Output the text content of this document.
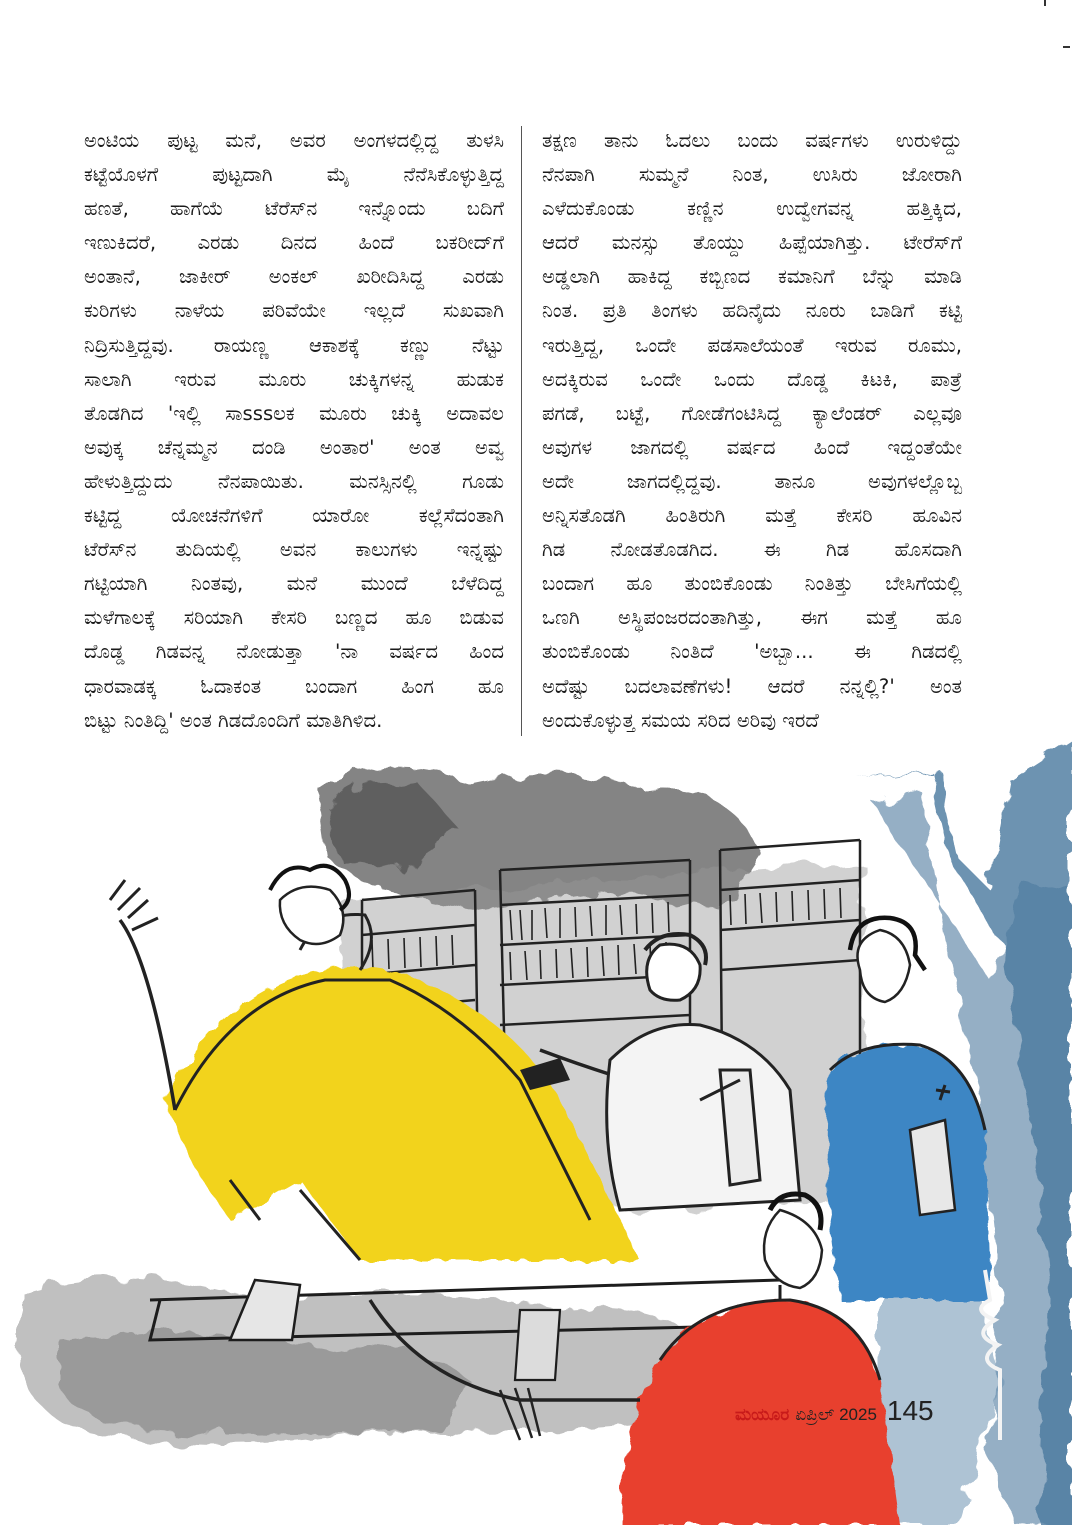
ಅಂಟಿಯ ಪುಟ್ಟ ಮನೆ, ಅವರ ಅಂಗಳದಲ್ಲಿದ್ದ ತುಳಸಿ

ಕಟ್ಟೆಯೊಳಗೆ ಪುಟ್ಟದಾಗಿ ಮೈ ನೆನೆಸಿಕೊಳ್ಳುತ್ತಿದ್ದ

ಹಣತೆ, ಹಾಗೆಯೆ ಟೆರೆಸ್‌ನ ಇನ್ನೊಂದು ಬದಿಗೆ

ಇಣುಕಿದರೆ, ಎರಡು ದಿನದ ಹಿಂದೆ ಬಕರೀದ್‌ಗೆ

ಅಂತಾನೆ, ಜಾಕೀರ್ ಅಂಕಲ್ ಖರೀದಿಸಿದ್ದ ಎರಡು

ಕುರಿಗಳು ನಾಳೆಯ ಪರಿವೆಯೇ ಇಲ್ಲದೆ ಸುಖವಾಗಿ

ನಿದ್ರಿಸುತ್ತಿದ್ದವು. ರಾಯಣ್ಣ ಆಕಾಶಕ್ಕೆ ಕಣ್ಣು ನೆಟ್ಟು

ಸಾಲಾಗಿ ಇರುವ ಮೂರು ಚುಕ್ಕಿಗಳನ್ನ ಹುಡುಕ

ತೊಡಗಿದ 'ಇಲ್ಲಿ ಸಾsssಲಕ ಮೂರು ಚುಕ್ಕಿ ಅದಾವಲ

ಅವುಕ್ಕ ಚೆನ್ನಮ್ಮನ ದಂಡಿ ಅಂತಾರ' ಅಂತ ಅವ್ವ

ಹೇಳುತ್ತಿದ್ದುದು ನೆನಪಾಯಿತು. ಮನಸ್ಸಿನಲ್ಲಿ ಗೂಡು

ಕಟ್ಟಿದ್ದ ಯೋಚನೆಗಳಿಗೆ ಯಾರೋ ಕಲ್ಲೆಸೆದಂತಾಗಿ

ಟೆರೆಸ್‌ನ ತುದಿಯಲ್ಲಿ ಅವನ ಕಾಲುಗಳು ಇನ್ನಷ್ಟು

ಗಟ್ಟಿಯಾಗಿ ನಿಂತವು, ಮನೆ ಮುಂದೆ ಬೆಳೆದಿದ್ದ

ಮಳೆಗಾಲಕ್ಕೆ ಸರಿಯಾಗಿ ಕೇಸರಿ ಬಣ್ಣದ ಹೂ ಬಿಡುವ

ದೊಡ್ಡ ಗಿಡವನ್ನ ನೋಡುತ್ತಾ 'ನಾ ವರ್ಷದ ಹಿಂದ

ಧಾರವಾಡಕ್ಕ ಓದಾಕಂತ ಬಂದಾಗ ಹಿಂಗ ಹೂ

ಬಿಟ್ಟು ನಿಂತಿದ್ದಿ' ಅಂತ ಗಿಡದೊಂದಿಗೆ ಮಾತಿಗಿಳಿದ.

ತಕ್ಷಣ ತಾನು ಓದಲು ಬಂದು ವರ್ಷಗಳು ಉರುಳಿದ್ದು

ನೆನಪಾಗಿ ಸುಮ್ಮನೆ ನಿಂತ, ಉಸಿರು ಜೋರಾಗಿ

ಎಳೆದುಕೊಂಡು ಕಣ್ಣಿನ ಉದ್ವೇಗವನ್ನ ಹತ್ತಿಕ್ಕಿದ,

ಆದರೆ ಮನಸ್ಸು ತೊಯ್ದು ಹಿಪ್ಪೆಯಾಗಿತ್ತು. ಟೇರೆಸ್‌ಗೆ

ಅಡ್ಡಲಾಗಿ ಹಾಕಿದ್ದ ಕಬ್ಬಿಣದ ಕಮಾನಿಗೆ ಬೆನ್ನು ಮಾಡಿ

ನಿಂತ. ಪ್ರತಿ ತಿಂಗಳು ಹದಿನೈದು ನೂರು ಬಾಡಿಗೆ ಕಟ್ಟಿ

ಇರುತ್ತಿದ್ದ, ಒಂದೇ ಪಡಸಾಲೆಯಂತೆ ಇರುವ ರೂಮು,

ಅದಕ್ಕಿರುವ ಒಂದೇ ಒಂದು ದೊಡ್ಡ ಕಿಟಕಿ, ಪಾತ್ರೆ

ಪಗಡೆ, ಬಟ್ಟೆ, ಗೋಡೆಗಂಟಿಸಿದ್ದ ಕ್ಯಾಲೆಂಡರ್ ಎಲ್ಲವೂ

ಅವುಗಳ ಜಾಗದಲ್ಲಿ ವರ್ಷದ ಹಿಂದೆ ಇದ್ದಂತೆಯೇ

ಅದೇ ಜಾಗದಲ್ಲಿದ್ದವು. ತಾನೂ ಅವುಗಳಲ್ಲೊಬ್ಬ

ಅನ್ನಿಸತೊಡಗಿ ಹಿಂತಿರುಗಿ ಮತ್ತೆ ಕೇಸರಿ ಹೂವಿನ

ಗಿಡ ನೋಡತೊಡಗಿದ. ಈ ಗಿಡ ಹೊಸದಾಗಿ

ಬಂದಾಗ ಹೂ ತುಂಬಿಕೊಂಡು ನಿಂತಿತ್ತು ಬೇಸಿಗೆಯಲ್ಲಿ

ಒಣಗಿ ಅಸ್ಥಿಪಂಜರದಂತಾಗಿತ್ತು, ಈಗ ಮತ್ತೆ ಹೂ

ತುಂಬಿಕೊಂಡು ನಿಂತಿದೆ 'ಅಬ್ಬಾ... ಈ ಗಿಡದಲ್ಲಿ

ಅದೆಷ್ಟು ಬದಲಾವಣೆಗಳು! ಆದರೆ ನನ್ನಲ್ಲಿ?' ಅಂತ

ಅಂದುಕೊಳ್ಳುತ್ತ ಸಮಯ ಸರಿದ ಅರಿವು ಇರದೆ

ಮಯೂರ ಏಪ್ರಿಲ್ 2025 145
